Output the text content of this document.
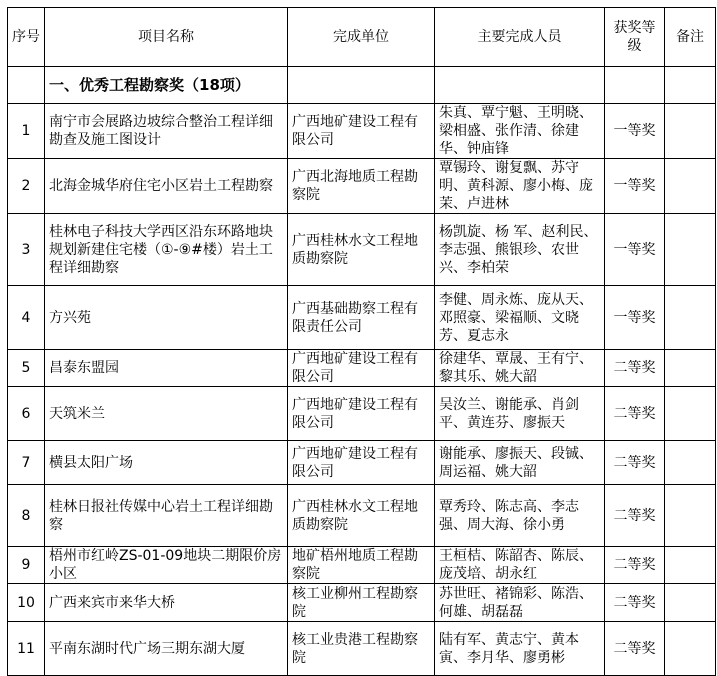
序号	项目名称	完成单位	主要完成人员	获奖等级	备注
	一、优秀工程勘察奖（18项）				
1	南宁市会展路边坡综合整治工程详细勘查及施工图设计	广西地矿建设工程有限公司	朱真、覃宁魁、王明晓、梁相盛、张作清、徐建华、钟庙锋	一等奖	
2	北海金城华府住宅小区岩土工程勘察	广西北海地质工程勘察院	覃锡玲、谢复飘、苏守明、黄科源、廖小梅、庞 茉、卢进林	一等奖	
3	桂林电子科技大学西区沿东环路地块规划新建住宅楼（①-⑨#楼）岩土工程详细勘察	广西桂林水文工程地质勘察院	杨凯旋、杨 军、赵利民、李志强、熊银珍、农世兴、李柏荣	一等奖	
4	方兴苑	广西基础勘察工程有限责任公司	李健、周永炼、庞从天、邓照豪、梁福顺、文晓芳、夏志永	一等奖	
5	昌泰东盟园	广西地矿建设工程有限公司	徐建华、覃晟、王有宁、黎其乐、姚大韶	二等奖	
6	天筑米兰	广西地矿建设工程有限公司	吴汝兰、谢能承、肖剑平、黄连芬、廖振天	二等奖	
7	横县太阳广场	广西地矿建设工程有限公司	谢能承、廖振天、段铖、周运福、姚大韶	二等奖	
8	桂林日报社传媒中心岩土工程详细勘察	广西桂林水文工程地质勘察院	覃秀玲、陈志高、李志强、周大海、徐小勇	二等奖	
9	梧州市红岭ZS-01-09地块二期限价房小区	地矿梧州地质工程勘察院	王桓桔、陈韶杏、陈辰、庞茂培、胡永红	二等奖	
10	广西来宾市来华大桥	核工业柳州工程勘察院	苏世旺、褚锦彩、陈浩、何雄、胡磊磊	二等奖	
11	平南东湖时代广场三期东湖大厦	核工业贵港工程勘察院	陆有军、黄志宁、黄本寅、李月华、廖勇彬	二等奖	
